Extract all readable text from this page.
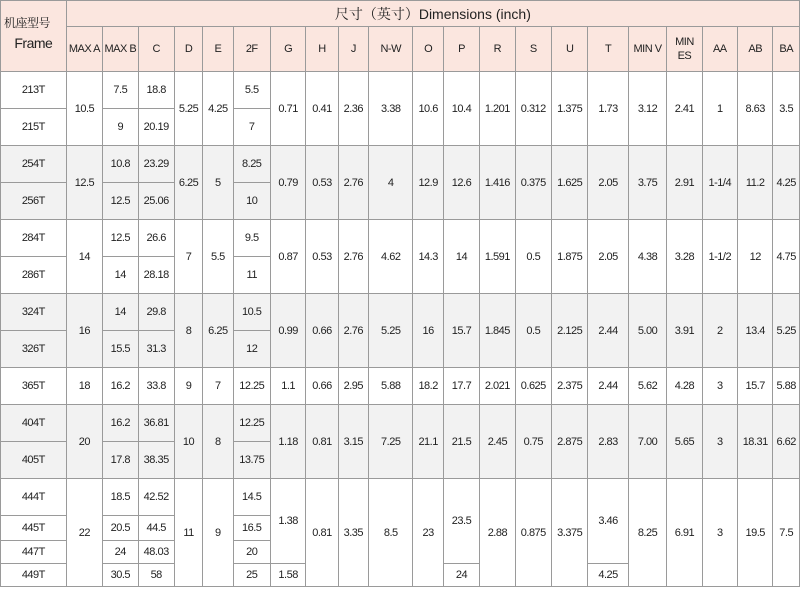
机座型号
Frame	尺寸（英寸）Dimensions (inch)																				
	MAX A	MAX B	C	D	E	2F	G	H	J	N-W	O	P	R	S	U	T	MIN V	MIN ES	AA	AB	BA
213T	10.5	7.5	18.8	5.25	4.25	5.5	0.71	0.41	2.36	3.38	10.6	10.4	1.201	0.312	1.375	1.73	3.12	2.41	1	8.63	3.5
215T		9	20.19			7															
254T	12.5	10.8	23.29	6.25	5	8.25	0.79	0.53	2.76	4	12.9	12.6	1.416	0.375	1.625	2.05	3.75	2.91	1-1/4	11.2	4.25
256T		12.5	25.06			10															
284T	14	12.5	26.6	7	5.5	9.5	0.87	0.53	2.76	4.62	14.3	14	1.591	0.5	1.875	2.05	4.38	3.28	1-1/2	12	4.75
286T		14	28.18			11															
324T	16	14	29.8	8	6.25	10.5	0.99	0.66	2.76	5.25	16	15.7	1.845	0.5	2.125	2.44	5.00	3.91	2	13.4	5.25
326T		15.5	31.3			12															
365T	18	16.2	33.8	9	7	12.25	1.1	0.66	2.95	5.88	18.2	17.7	2.021	0.625	2.375	2.44	5.62	4.28	3	15.7	5.88
404T	20	16.2	36.81	10	8	12.25	1.18	0.81	3.15	7.25	21.1	21.5	2.45	0.75	2.875	2.83	7.00	5.65	3	18.31	6.62
405T		17.8	38.35			13.75															
444T	22	18.5	42.52	11	9	14.5	1.38	0.81	3.35	8.5	23	23.5	2.88	0.875	3.375	3.46	8.25	6.91	3	19.5	7.5
445T		20.5	44.5			16.5															
447T		24	48.03			20															
449T		30.5	58			25	1.58					24				4.25					
